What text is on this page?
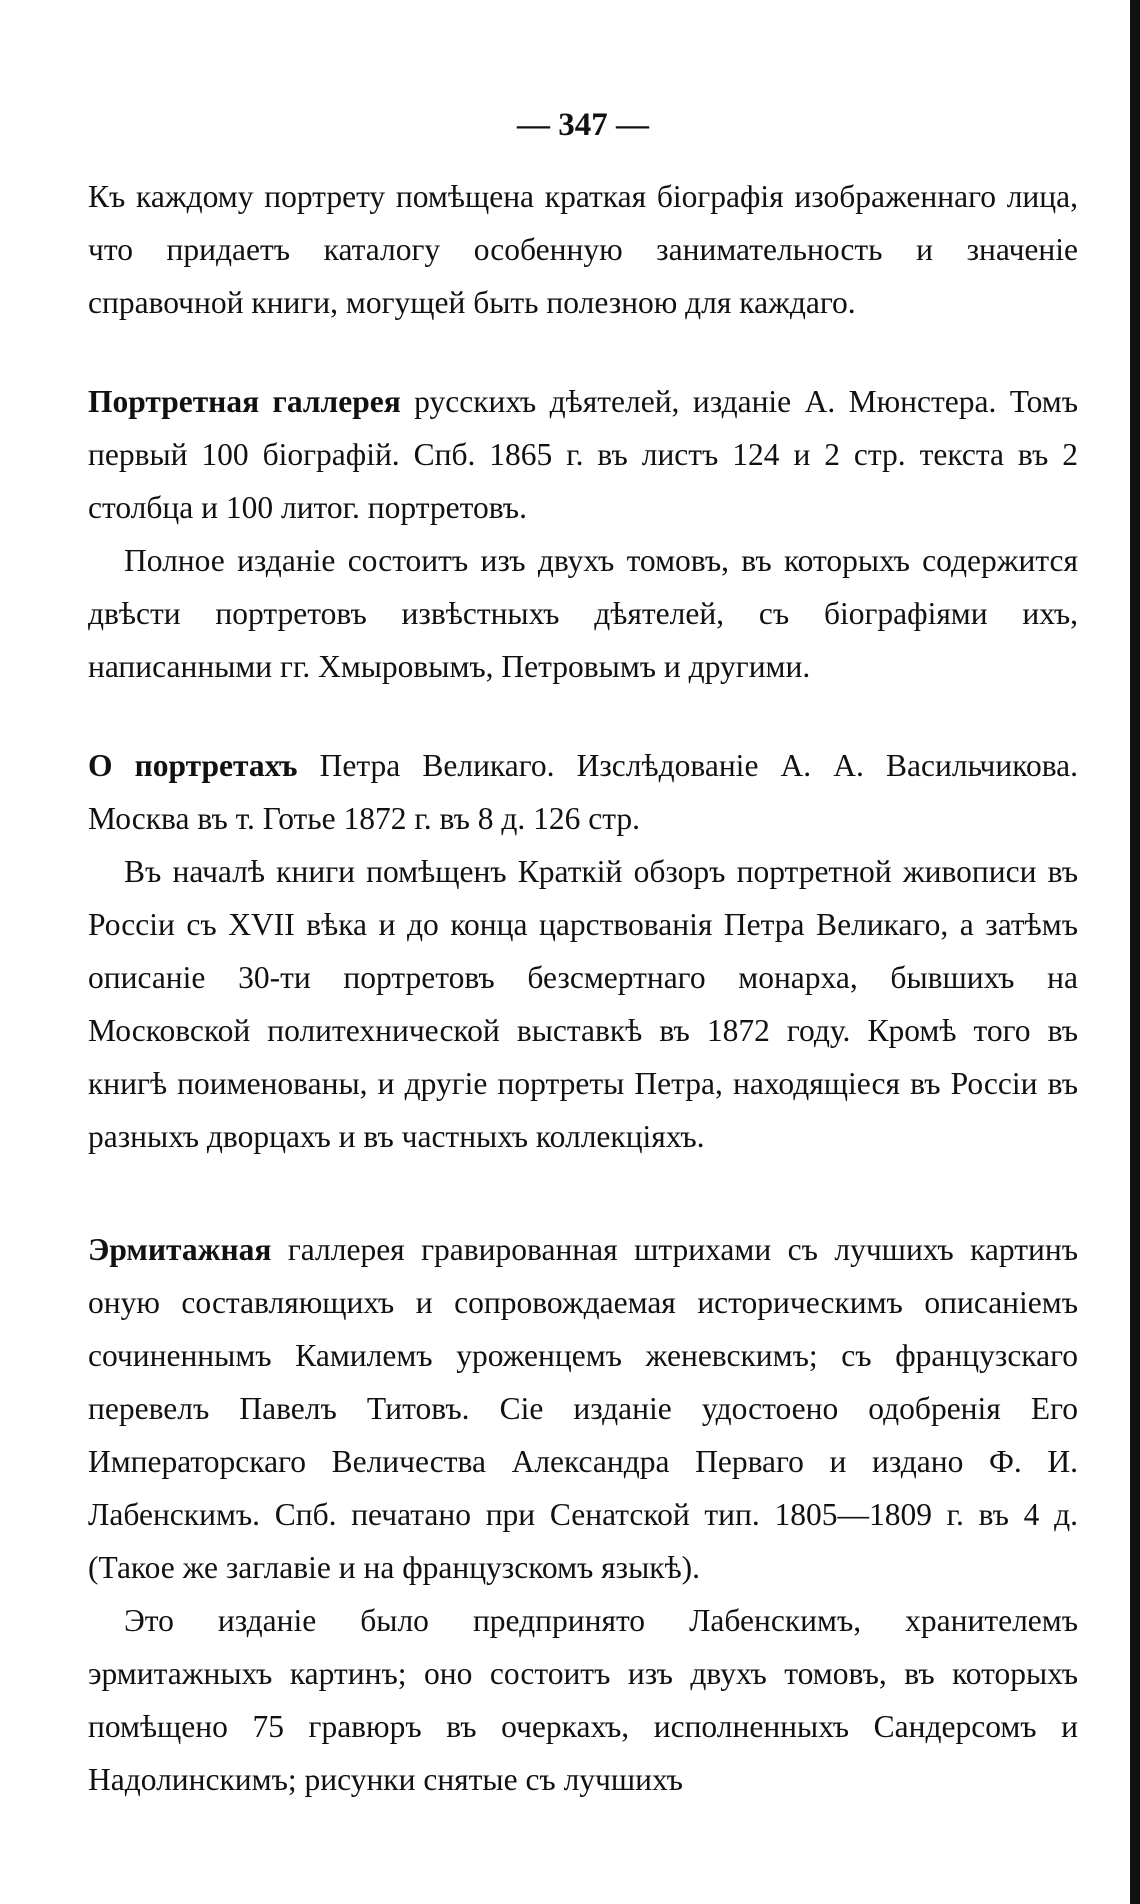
— 347 —

Къ каждому портрету помѣщена краткая біографія изображеннаго лица, что придаетъ каталогу особенную занимательность и значеніе справочной книги, могущей быть полезною для каждаго.

Портретная галлерея русскихъ дѣятелей, изданіе А. Мюнстера. Томъ первый 100 біографій. Спб. 1865 г. въ листъ 124 и 2 стр. текста въ 2 столбца и 100 литог. портретовъ.

Полное изданіе состоитъ изъ двухъ томовъ, въ которыхъ содержится двѣсти портретовъ извѣстныхъ дѣятелей, съ біографіями ихъ, написанными гг. Хмыровымъ, Петровымъ и другими.

О портретахъ Петра Великаго. Изслѣдованіе А. А. Васильчикова. Москва въ т. Готье 1872 г. въ 8 д. 126 стр.

Въ началѣ книги помѣщенъ Краткій обзоръ портретной живописи въ Россіи съ XVII вѣка и до конца царствованія Петра Великаго, а затѣмъ описаніе 30-ти портретовъ безсмертнаго монарха, бывшихъ на Московской политехнической выставкѣ въ 1872 году. Кромѣ того въ книгѣ поименованы, и другіе портреты Петра, находящіеся въ Россіи въ разныхъ дворцахъ и въ частныхъ коллекціяхъ.

Эрмитажная галлерея гравированная штрихами съ лучшихъ картинъ оную составляющихъ и сопровождаемая историческимъ описаніемъ сочиненнымъ Камилемъ уроженцемъ женевскимъ; съ французскаго перевелъ Павелъ Титовъ. Сіе изданіе удостоено одобренія Его Императорскаго Величества Александра Перваго и издано Ф. И. Лабенскимъ. Спб. печатано при Сенатской тип. 1805—1809 г. въ 4 д. (Такое же заглавіе и на французскомъ языкѣ).

Это изданіе было предпринято Лабенскимъ, хранителемъ эрмитажныхъ картинъ; оно состоитъ изъ двухъ томовъ, въ которыхъ помѣщено 75 гравюръ въ очеркахъ, исполненныхъ Сандерсомъ и Надолинскимъ; рисунки снятые съ лучшихъ
